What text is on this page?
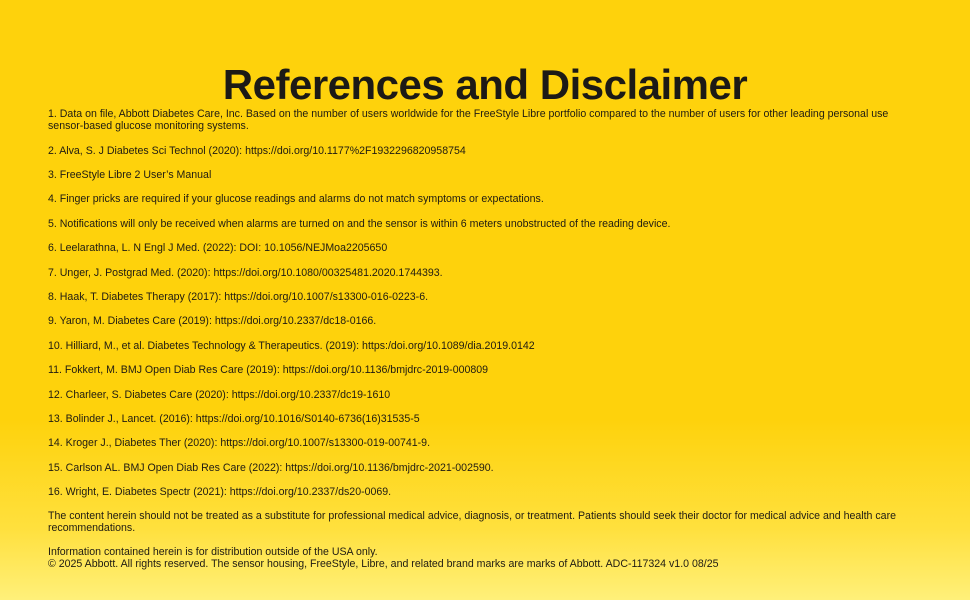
References and Disclaimer
1. Data on file, Abbott Diabetes Care, Inc. Based on the number of users worldwide for the FreeStyle Libre portfolio compared to the number of users for other leading personal use sensor-based glucose monitoring systems.
2. Alva, S. J Diabetes Sci Technol (2020): https://doi.org/10.1177%2F1932296820958754
3. FreeStyle Libre 2 User’s Manual
4. Finger pricks are required if your glucose readings and alarms do not match symptoms or expectations.
5. Notifications will only be received when alarms are turned on and the sensor is within 6 meters unobstructed of the reading device.
6. Leelarathna, L. N Engl J Med. (2022): DOI: 10.1056/NEJMoa2205650
7. Unger, J. Postgrad Med. (2020): https://doi.org/10.1080/00325481.2020.1744393.
8. Haak, T. Diabetes Therapy (2017): https://doi.org/10.1007/s13300-016-0223-6.
9. Yaron, M. Diabetes Care (2019): https://doi.org/10.2337/dc18-0166.
10. Hilliard, M., et al. Diabetes Technology & Therapeutics. (2019): https:/doi.org/10.1089/dia.2019.0142
11. Fokkert, M. BMJ Open Diab Res Care (2019): https://doi.org/10.1136/bmjdrc-2019-000809
12. Charleer, S. Diabetes Care (2020): https://doi.org/10.2337/dc19-1610
13. Bolinder J., Lancet. (2016): https://doi.org/10.1016/S0140-6736(16)31535-5
14. Kroger J., Diabetes Ther (2020): https://doi.org/10.1007/s13300-019-00741-9.
15. Carlson AL. BMJ Open Diab Res Care (2022): https://doi.org/10.1136/bmjdrc-2021-002590.
16. Wright, E. Diabetes Spectr (2021): https://doi.org/10.2337/ds20-0069.

The content herein should not be treated as a substitute for professional medical advice, diagnosis, or treatment. Patients should seek their doctor for medical advice and health care recommendations.

Information contained herein is for distribution outside of the USA only.
© 2025 Abbott. All rights reserved. The sensor housing, FreeStyle, Libre, and related brand marks are marks of Abbott. ADC-117324 v1.0 08/25
